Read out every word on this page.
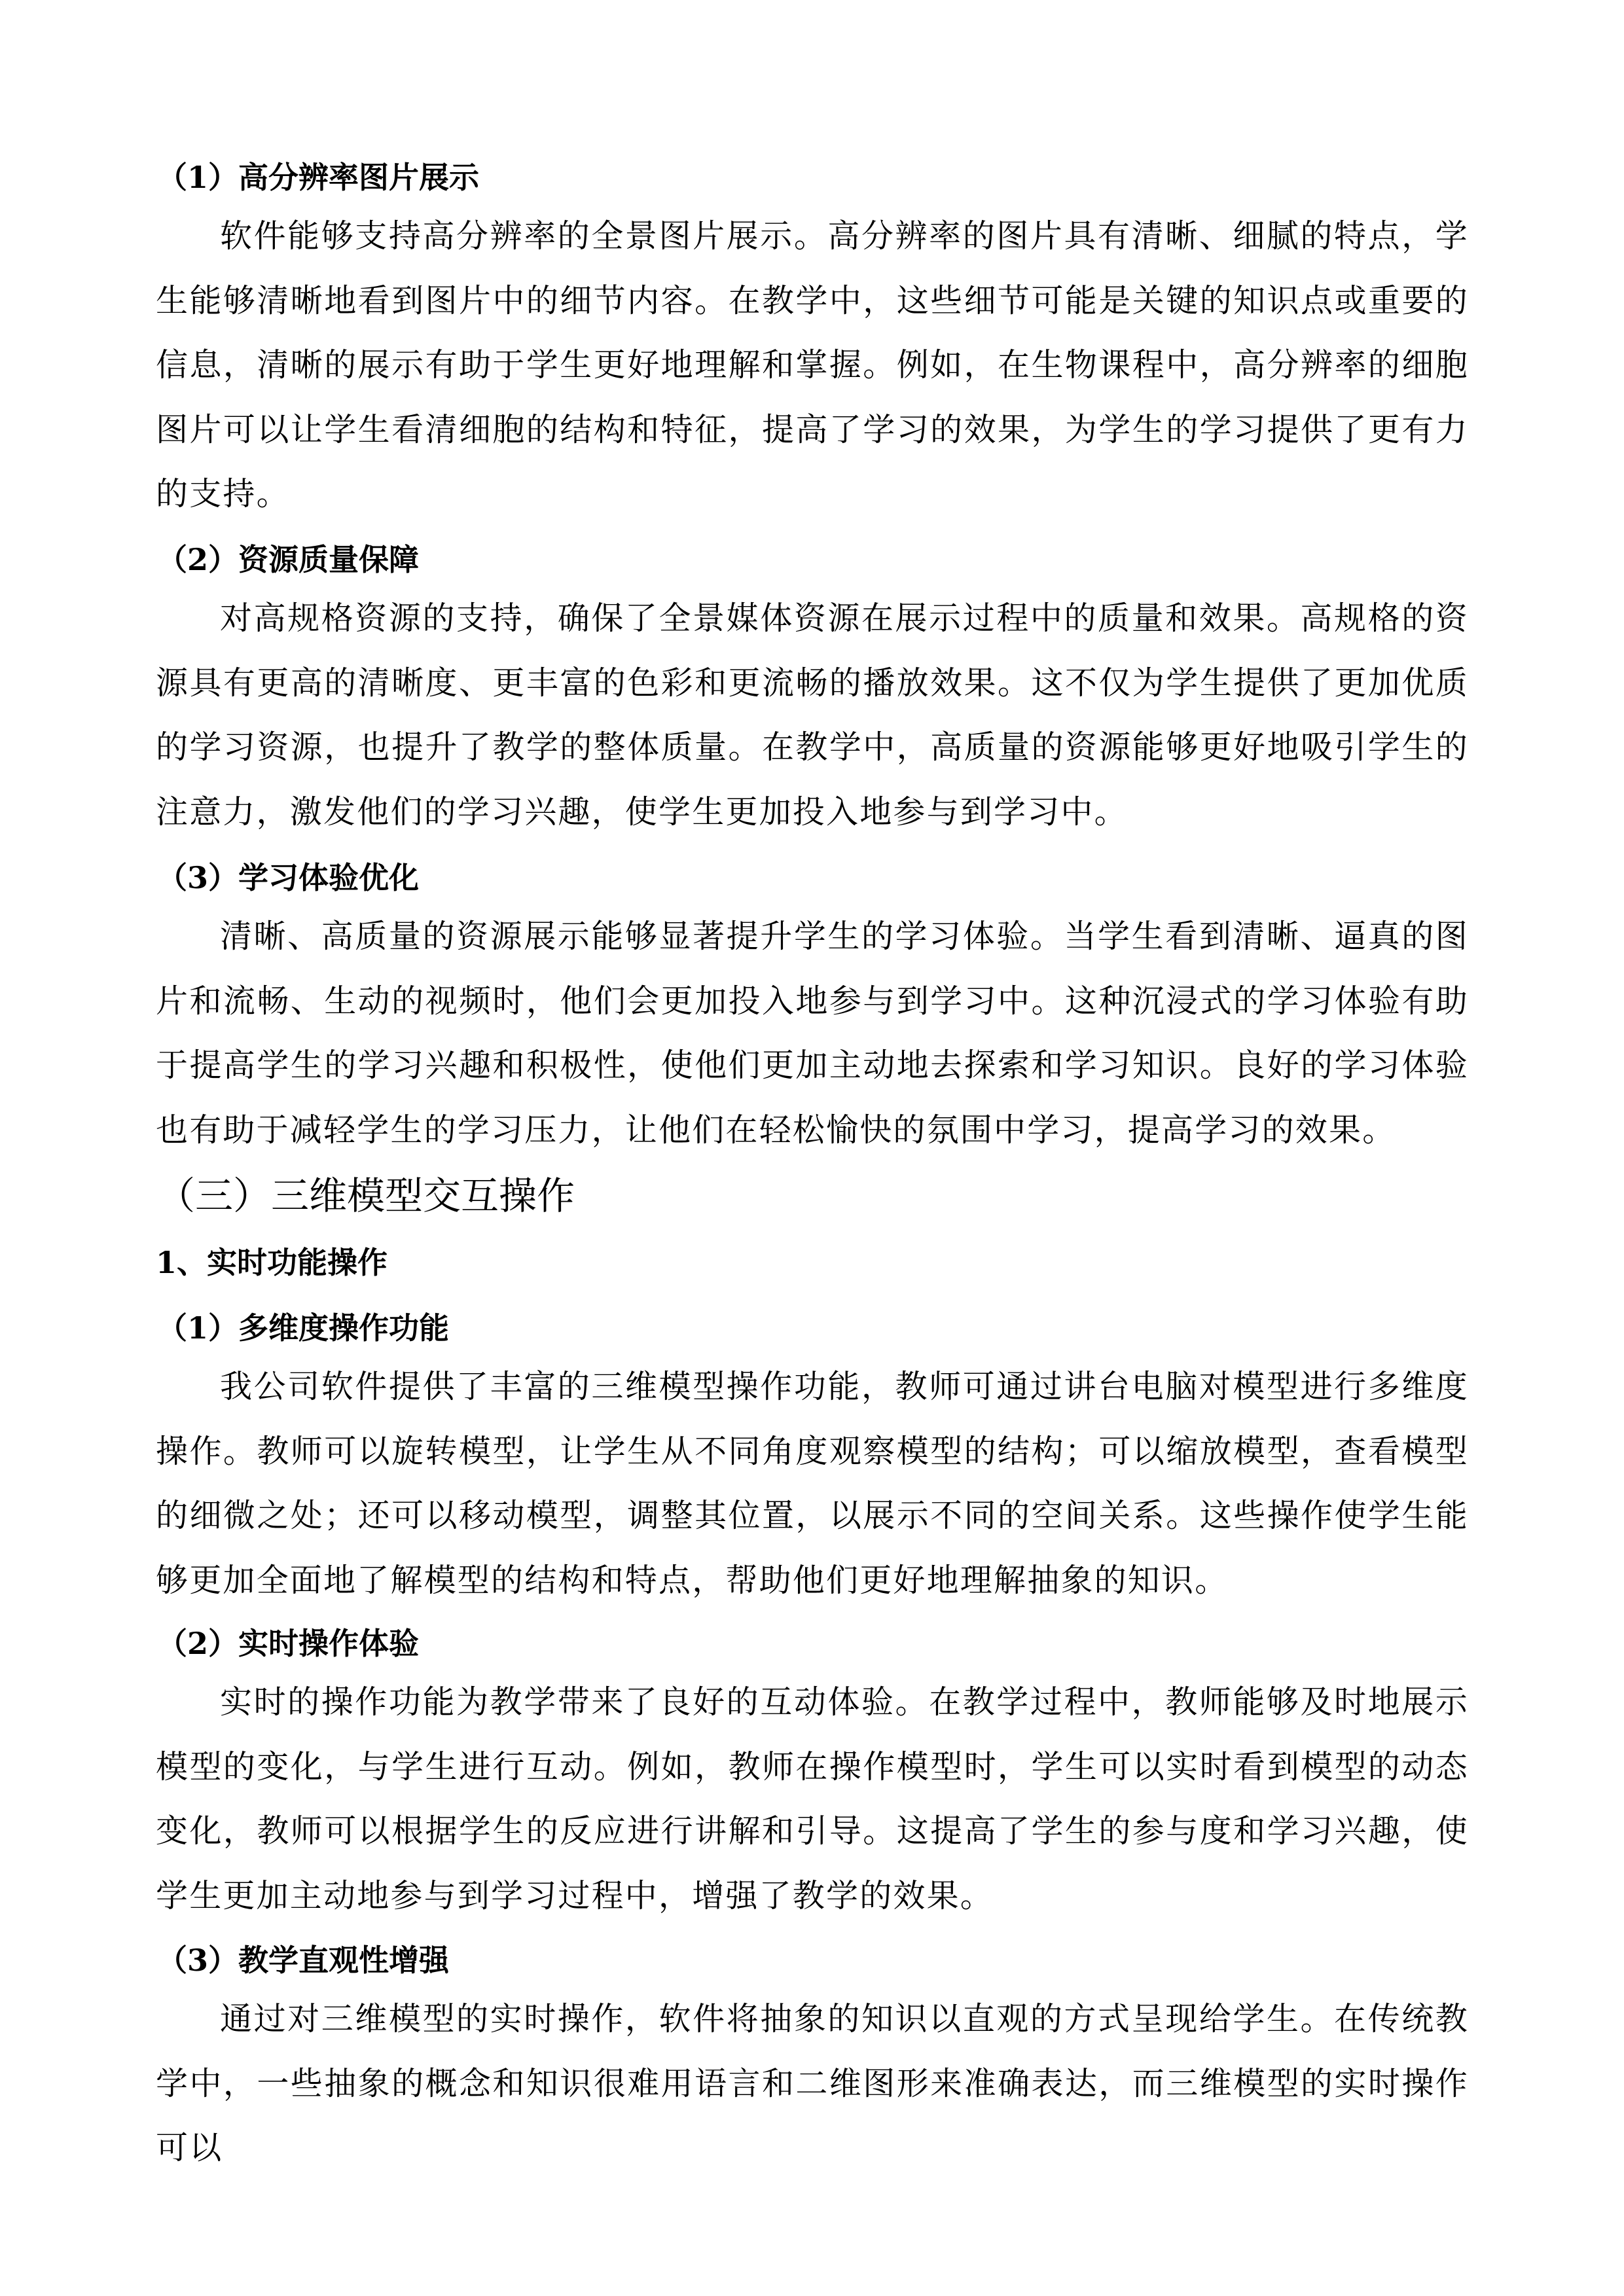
（1）高分辨率图片展示

软件能够支持高分辨率的全景图片展示。高分辨率的图片具有清晰、细腻的特点，学生能够清晰地看到图片中的细节内容。在教学中，这些细节可能是关键的知识点或重要的信息，清晰的展示有助于学生更好地理解和掌握。例如，在生物课程中，高分辨率的细胞图片可以让学生看清细胞的结构和特征，提高了学习的效果，为学生的学习提供了更有力的支持。

（2）资源质量保障

对高规格资源的支持，确保了全景媒体资源在展示过程中的质量和效果。高规格的资源具有更高的清晰度、更丰富的色彩和更流畅的播放效果。这不仅为学生提供了更加优质的学习资源，也提升了教学的整体质量。在教学中，高质量的资源能够更好地吸引学生的注意力，激发他们的学习兴趣，使学生更加投入地参与到学习中。

（3）学习体验优化

清晰、高质量的资源展示能够显著提升学生的学习体验。当学生看到清晰、逼真的图片和流畅、生动的视频时，他们会更加投入地参与到学习中。这种沉浸式的学习体验有助于提高学生的学习兴趣和积极性，使他们更加主动地去探索和学习知识。良好的学习体验也有助于减轻学生的学习压力，让他们在轻松愉快的氛围中学习，提高学习的效果。

（三）三维模型交互操作
1、实时功能操作
（1）多维度操作功能

我公司软件提供了丰富的三维模型操作功能，教师可通过讲台电脑对模型进行多维度操作。教师可以旋转模型，让学生从不同角度观察模型的结构；可以缩放模型，查看模型的细微之处；还可以移动模型，调整其位置，以展示不同的空间关系。这些操作使学生能够更加全面地了解模型的结构和特点，帮助他们更好地理解抽象的知识。

（2）实时操作体验

实时的操作功能为教学带来了良好的互动体验。在教学过程中，教师能够及时地展示模型的变化，与学生进行互动。例如，教师在操作模型时，学生可以实时看到模型的动态变化，教师可以根据学生的反应进行讲解和引导。这提高了学生的参与度和学习兴趣，使学生更加主动地参与到学习过程中，增强了教学的效果。

（3）教学直观性增强

通过对三维模型的实时操作，软件将抽象的知识以直观的方式呈现给学生。在传统教学中，一些抽象的概念和知识很难用语言和二维图形来准确表达，而三维模型的实时操作可以
